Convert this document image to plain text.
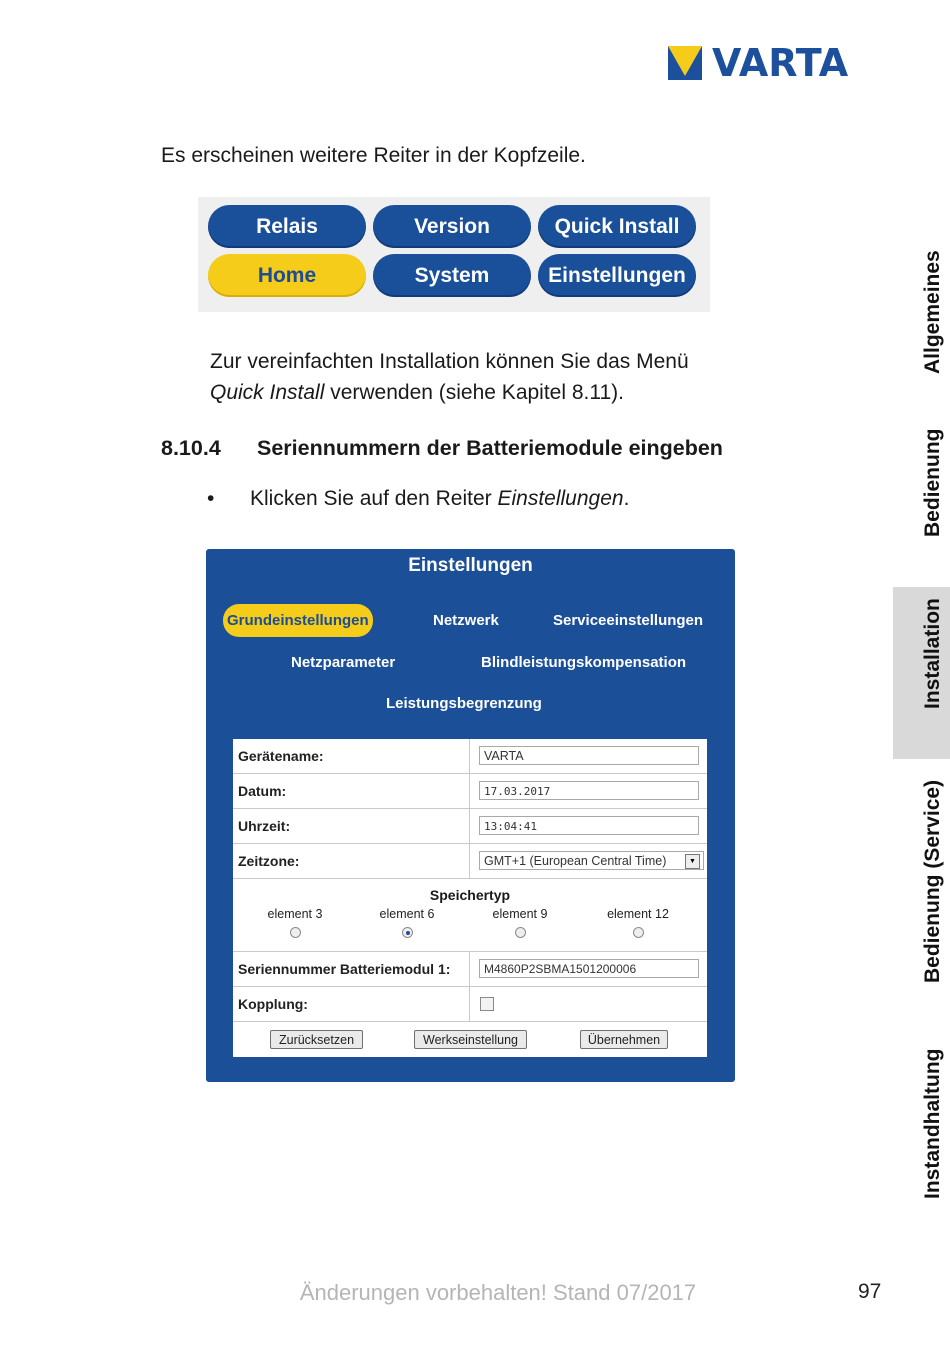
VARTA
Es erscheinen weitere Reiter in der Kopfzeile.
Relais	Version	Quick Install
Home	System	Einstellungen
Zur vereinfachten Installation können Sie das Menü
Quick Install verwenden (siehe Kapitel 8.11).
8.10.4	Seriennummern der Batteriemodule eingeben
• Klicken Sie auf den Reiter Einstellungen.
Einstellungen
Grundeinstellungen	Netzwerk	Serviceeinstellungen
Netzparameter	Blindleistungskompensation
Leistungsbegrenzung
Gerätename:	VARTA
Datum:	17.03.2017
Uhrzeit:	13:04:41
Zeitzone:	GMT+1 (European Central Time)	▼
Speichertyp
element 3	element 6	element 9	element 12
Seriennummer Batteriemodul 1:	M4860P2SBMA1501200006
Kopplung:
Zurücksetzen	Werkseinstellung	Übernehmen
Allgemeines
Bedienung
Installation
Bedienung (Service)
Instandhaltung
Änderungen vorbehalten! Stand 07/2017	97
